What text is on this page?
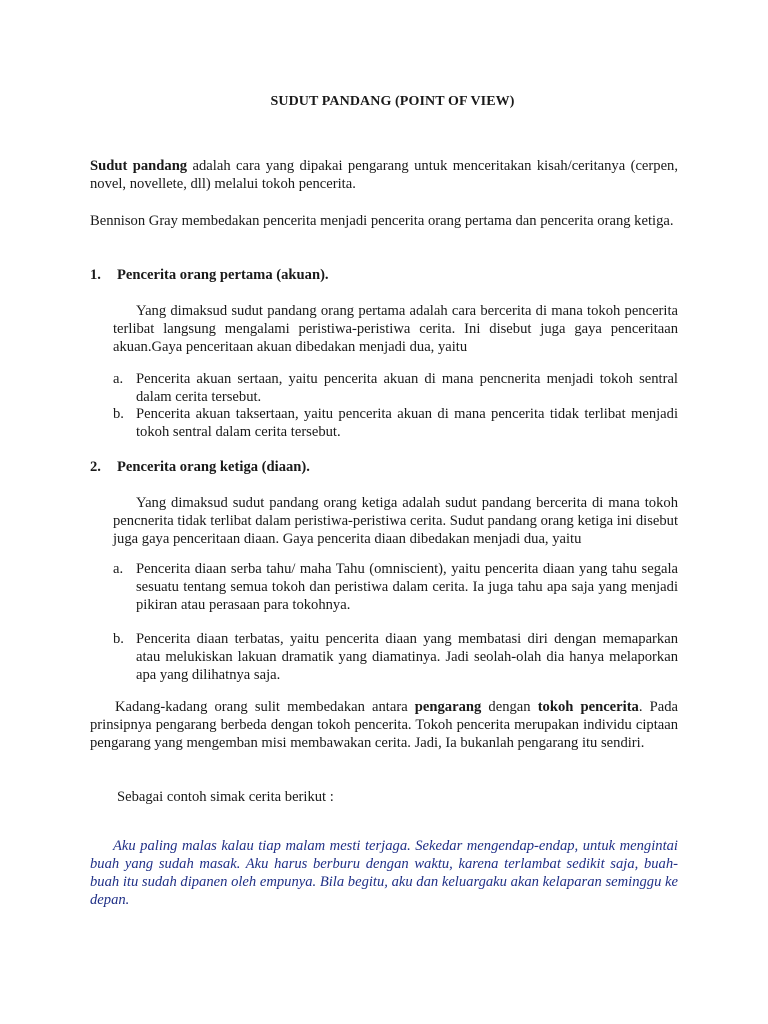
SUDUT PANDANG (POINT OF VIEW)

Sudut pandang adalah cara yang dipakai pengarang untuk menceritakan kisah/ceritanya (cerpen, novel, novellete, dll) melalui tokoh pencerita.

Bennison Gray membedakan pencerita menjadi pencerita orang pertama dan pencerita orang ketiga.

1. Pencerita orang pertama (akuan).

Yang dimaksud sudut pandang orang pertama adalah cara bercerita di mana tokoh pencerita terlibat langsung mengalami peristiwa-peristiwa cerita. Ini disebut juga gaya penceritaan akuan.Gaya penceritaan akuan dibedakan menjadi dua, yaitu

a. Pencerita akuan sertaan, yaitu pencerita akuan di mana pencnerita menjadi tokoh sentral dalam cerita tersebut.
b. Pencerita akuan taksertaan, yaitu pencerita akuan di mana pencerita tidak terlibat menjadi tokoh sentral dalam cerita tersebut.
2. Pencerita orang ketiga (diaan).

Yang dimaksud sudut pandang orang ketiga adalah sudut pandang bercerita di mana tokoh pencnerita tidak terlibat dalam peristiwa-peristiwa cerita. Sudut pandang orang ketiga ini disebut juga gaya penceritaan diaan. Gaya pencerita diaan dibedakan menjadi dua, yaitu

a. Pencerita diaan serba tahu/ maha Tahu (omniscient), yaitu pencerita diaan yang tahu segala sesuatu tentang semua tokoh dan peristiwa dalam cerita. Ia juga tahu apa saja yang menjadi pikiran atau perasaan para tokohnya.
b. Pencerita diaan terbatas, yaitu pencerita diaan yang membatasi diri dengan memaparkan atau melukiskan lakuan dramatik yang diamatinya. Jadi seolah-olah dia hanya melaporkan apa yang dilihatnya saja.

Kadang-kadang orang sulit membedakan antara pengarang dengan tokoh pencerita. Pada prinsipnya pengarang berbeda dengan tokoh pencerita. Tokoh pencerita merupakan individu ciptaan pengarang yang mengemban misi membawakan cerita. Jadi, Ia bukanlah pengarang itu sendiri.

Sebagai contoh simak cerita berikut :

Aku paling malas kalau tiap malam mesti terjaga. Sekedar mengendap-endap, untuk mengintai buah yang sudah masak. Aku harus berburu dengan waktu, karena terlambat sedikit saja, buah-buah itu sudah dipanen oleh empunya. Bila begitu, aku dan keluargaku akan kelaparan seminggu ke depan.
